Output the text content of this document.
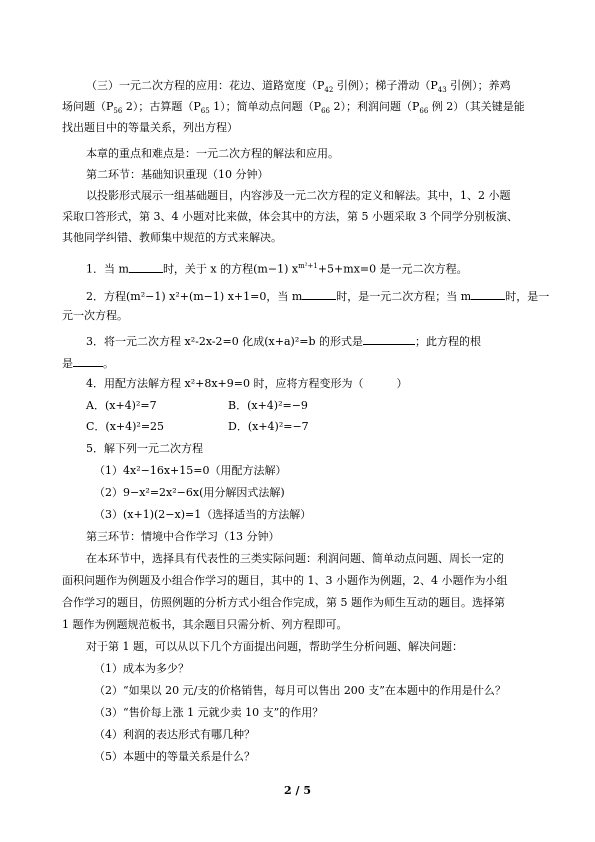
（三）一元二次方程的应用：花边、道路宽度（$P_{42}$ 引例）；梯子滑动（$P_{43}$ 引例）；养鸡
场问题（$P_{56}$ 2）；古算题（$P_{65}$ 1）；简单动点问题（$P_{66}$ 2）；利润问题（$P_{66}$ 例 2）（其关键是能
找出题目中的等量关系，列出方程）
本章的重点和难点是：一元二次方程的解法和应用。
第二环节：基础知识重现（10 分钟）
以投影形式展示一组基础题目，内容涉及一元二次方程的定义和解法。其中，1、2 小题
采取口答形式，第 3、4 小题对比来做，体会其中的方法，第 5 小题采取 3 个同学分别板演、
其他同学纠错、教师集中规范的方式来解决。
1．当 m	时，关于 x 的方程(m−1) $x^{m^2+1}+5+mx=0$ 是一元二次方程。
2．方程(m²−1) x²+(m−1) x+1=0，当 m	时，是一元二次方程；当 m	时，是一
元一次方程。
3．将一元二次方程 x²-2x-2=0 化成(x+a)²=b 的形式是	；此方程的根
是	。
4．用配方法解方程 x²+8x+9=0 时，应将方程变形为（　　　）
A．(x+4)²=7	B．(x+4)²=−9
C．(x+4)²=25	D．(x+4)²=−7
5．解下列一元二次方程
（1）4x²−16x+15=0（用配方法解）
（2）9−x²=2x²−6x(用分解因式法解)
（3）(x+1)(2−x)=1（选择适当的方法解）
第三环节：情境中合作学习（13 分钟）
在本环节中，选择具有代表性的三类实际问题：利润问题、简单动点问题、周长一定的
面积问题作为例题及小组合作学习的题目，其中的 1、3 小题作为例题，2、4 小题作为小组
合作学习的题目，仿照例题的分析方式小组合作完成，第 5 题作为师生互动的题目。选择第
1 题作为例题规范板书，其余题目只需分析、列方程即可。
对于第 1 题，可以从以下几个方面提出问题，帮助学生分析问题、解决问题：
（1）成本为多少？
（2）“如果以 20 元/支的价格销售，每月可以售出 200 支”在本题中的作用是什么？
（3）“售价每上涨 1 元就少卖 10 支”的作用？
（4）利润的表达形式有哪几种？
（5）本题中的等量关系是什么？
2 / 5
